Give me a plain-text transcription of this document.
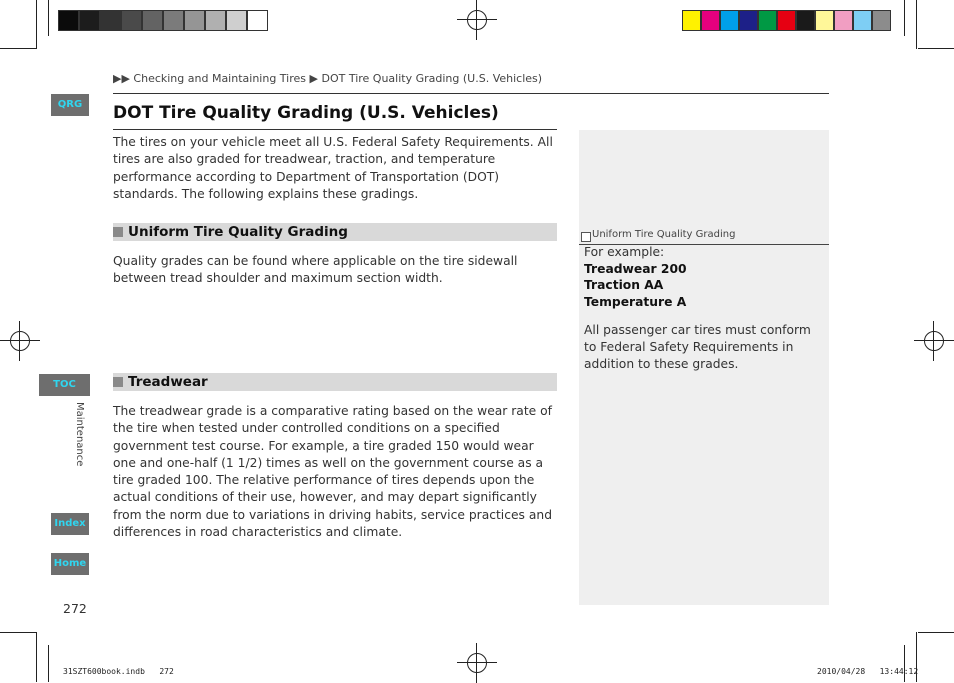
QRG
TOC
Index
Home
Maintenance
272
▶▶ Checking and Maintaining Tires ▶ DOT Tire Quality Grading (U.S. Vehicles)
DOT Tire Quality Grading (U.S. Vehicles)
The tires on your vehicle meet all U.S. Federal Safety Requirements. All tires are also graded for treadwear, traction, and temperature performance according to Department of Transportation (DOT) standards. The following explains these gradings.
Uniform Tire Quality Grading
Quality grades can be found where applicable on the tire sidewall between tread shoulder and maximum section width.
Treadwear
The treadwear grade is a comparative rating based on the wear rate of the tire when tested under controlled conditions on a specified government test course. For example, a tire graded 150 would wear one and one-half (1 1/2) times as well on the government course as a tire graded 100. The relative performance of tires depends upon the actual conditions of their use, however, and may depart significantly from the norm due to variations in driving habits, service practices and differences in road characteristics and climate.
Uniform Tire Quality Grading
For example:
Treadwear 200
Traction AA
Temperature A
All passenger car tires must conform to Federal Safety Requirements in addition to these grades.
31SZT600book.indb   272	2010/04/28   13:44:12
